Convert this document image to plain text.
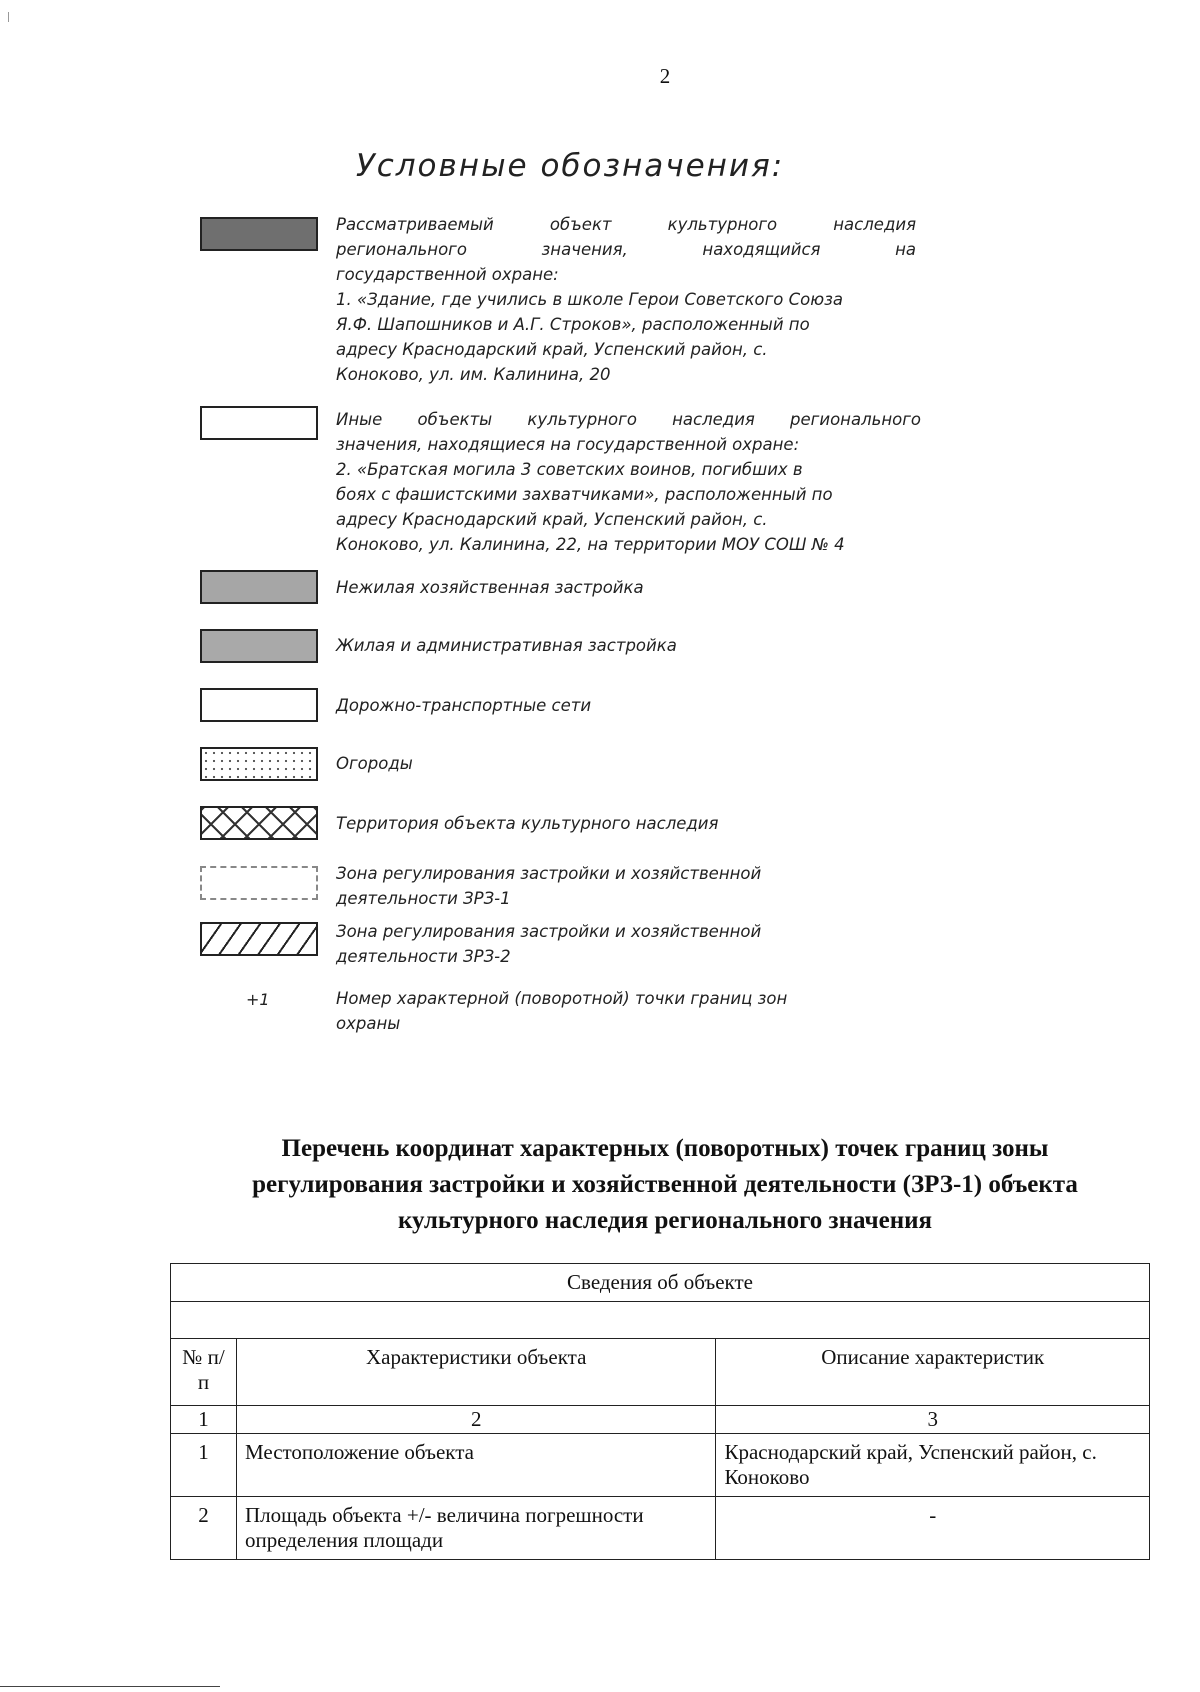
2
Условные обозначения:
Рассматриваемый объект культурного наследия
регионального значения, находящийся на
государственной охране:
1. «Здание, где учились в школе Герои Советского Союза
Я.Ф. Шапошников и А.Г. Строков», расположенный по
адресу Краснодарский край, Успенский район, с.
Коноково, ул. им. Калинина, 20
Иные объекты культурного наследия регионального
значения, находящиеся на государственной охране:
2. «Братская могила 3 советских воинов, погибших в
боях с фашистскими захватчиками», расположенный по
адресу Краснодарский край, Успенский район, с.
Коноково, ул. Калинина, 22, на территории МОУ СОШ № 4
Нежилая хозяйственная застройка
Жилая и административная застройка
Дорожно-транспортные сети
Огороды
Территория объекта культурного наследия
Зона регулирования застройки и хозяйственной
деятельности ЗРЗ-1
Зона регулирования застройки и хозяйственной
деятельности ЗРЗ-2
+1	Номер характерной (поворотной) точки границ зон
охраны
Перечень координат характерных (поворотных) точек границ зоны
регулирования застройки и хозяйственной деятельности (ЗРЗ-1) объекта
культурного наследия регионального значения
Сведения об объекте		

№ п/п	Характеристики объекта	Описание характеристик
1	2	3
1	Местоположение объекта	Краснодарский край, Успенский район, с. Коноково
2	Площадь объекта +/- величина погрешности определения площади	-
